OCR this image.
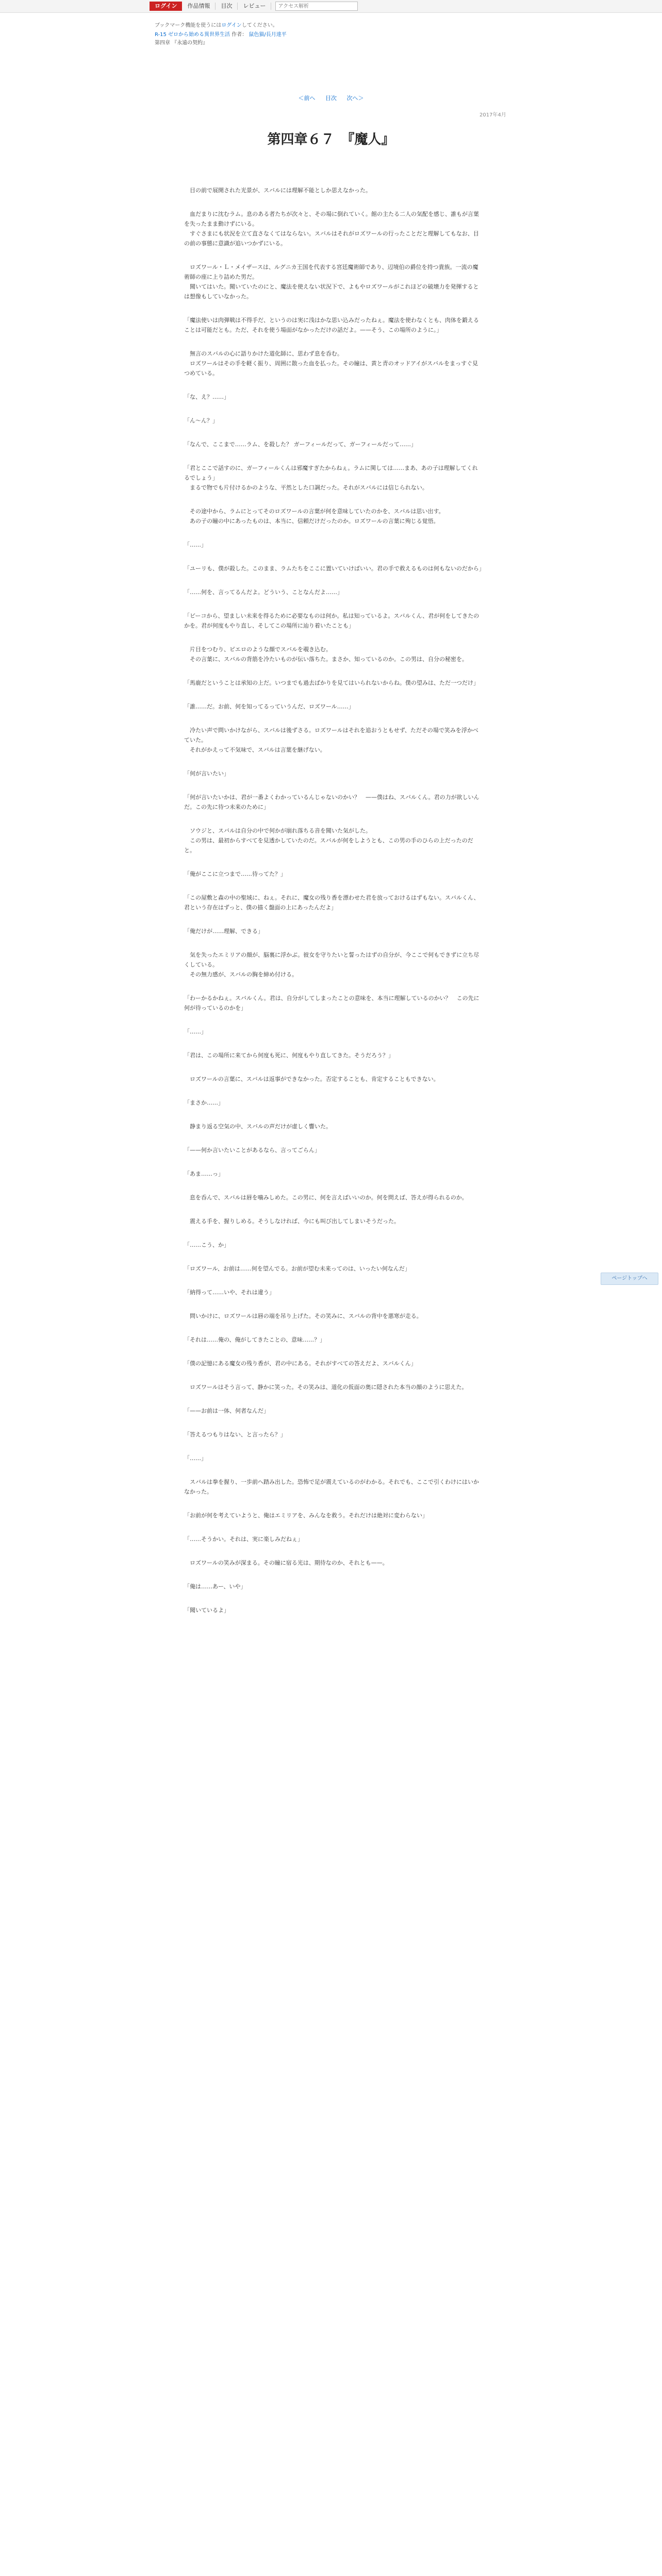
ログイン	作品情報	目次	レビュー
アクセス解析
ブックマーク機能を使うにはログインしてください。
R-15 ゼロから始める異世界生活 作者： 鼠色猫/長月達平
第四章 『永遠の契約』
＜前へ 目次 次へ＞
2017年4月
第四章６７　『魔人』

　目の前で展開された光景が、スバルには理解不能としか思えなかった。

　血だまりに沈むラム。息のある者たちが次々と、その場に倒れていく。館の主たる二人の気配を感じ、誰もが言葉を失ったまま動けずにいる。
　すぐさまにも状況を立て直さなくてはならない。スバルはそれがロズワールの行ったことだと理解してもなお、目の前の事態に意識が追いつかずにいる。

　ロズワール・Ｌ・メイザースは、ルグニカ王国を代表する宮廷魔術師であり、辺境伯の爵位を持つ貴族。一流の魔術師の座に上り詰めた男だ。
　聞いてはいた。聞いていたのにと、魔法を使えない状況下で、よもやロズワールがこれほどの破壊力を発揮するとは想像もしていなかった。

「魔法使いは肉弾戦は不得手だ、というのは実に浅はかな思い込みだったねぇ。魔法を使わなくとも、肉体を鍛えることは可能だとも。ただ、それを使う場面がなかっただけの話だよ。——そう、この場所のように。」

　無言のスバルの心に語りかけた道化師に、思わず息を呑む。
　ロズワールはその手を軽く振り、周囲に散った血を払った。その瞳は、黄と青のオッドアイがスバルをまっすぐ見つめている。

「な、え？……」

「ん～ん？」

「なんで、ここまで……ラム、を殺した？ ガーフィールだって、ガーフィールだって……」

「君とここで話すのに、ガーフィールくんは邪魔すぎたからねぇ。ラムに関しては……まあ、あの子は理解してくれるでしょう」
　まるで物でも片付けるかのような、平然とした口調だった。それがスバルには信じられない。

　その途中から、ラムにとってそのロズワールの言葉が何を意味していたのかを、スバルは思い出す。
　あの子の瞳の中にあったものは、本当に、信頼だけだったのか。ロズワールの言葉に殉じる覚悟。

「……」

「ユーリも、僕が殺した。このまま、ラムたちをここに置いていけばいい。君の手で救えるものは何もないのだから」

「……何を、言ってるんだよ。どういう、ことなんだよ……」

「ビーコから、望ましい未来を得るために必要なものは何か。私は知っているよ。スバルくん、君が何をしてきたのかを。君が何度もやり直し、そしてこの場所に辿り着いたことも」

　片目をつむり、ピエロのような顔でスバルを覗き込む。
　その言葉に、スバルの背筋を冷たいものが伝い落ちた。まさか、知っているのか。この男は、自分の秘密を。

「馬鹿だということは承知の上だ。いつまでも過去ばかりを見てはいられないからね。僕の望みは、ただ一つだけ」

「誰……だ。お前、何を知ってるっていうんだ、ロズワール……」

　冷たい声で問いかけながら、スバルは後ずさる。ロズワールはそれを追おうともせず、ただその場で笑みを浮かべていた。
　それがかえって不気味で、スバルは言葉を継げない。

「何が言いたい」

「何が言いたいかは、君が一番よくわかっているんじゃないのかい？　——僕はね、スバルくん。君の力が欲しいんだ。この先に待つ未来のために」

　ソウジと、スバルは自分の中で何かが崩れ落ちる音を聞いた気がした。
　この男は、最初からすべてを見透かしていたのだ。スバルが何をしようとも、この男の手のひらの上だったのだと。

「俺がここに立つまで……待ってた？」

「この屋敷と森の中の聖域に、ねぇ。それに、魔女の残り香を漂わせた君を放っておけるはずもない。スバルくん、君という存在はずっと、僕の描く盤面の上にあったんだよ」

「俺だけが……理解、できる」

　気を失ったエミリアの顔が、脳裏に浮かぶ。彼女を守りたいと誓ったはずの自分が、今ここで何もできずに立ち尽くしている。
　その無力感が、スバルの胸を締め付ける。

「わーかるかねぇ。スバルくん。君は、自分がしてしまったことの意味を、本当に理解しているのかい？　この先に何が待っているのかを」

「……」

「君は、この場所に来てから何度も死に、何度もやり直してきた。そうだろう？」

　ロズワールの言葉に、スバルは返事ができなかった。否定することも、肯定することもできない。

「まさか……」

　静まり返る空気の中、スバルの声だけが虚しく響いた。

「——何か言いたいことがあるなら、言ってごらん」

「あま……っ」

　息を呑んで、スバルは唇を噛みしめた。この男に、何を言えばいいのか。何を問えば、答えが得られるのか。

　震える手を、握りしめる。そうしなければ、今にも叫び出してしまいそうだった。

「……こう、か」

「ロズワール、お前は……何を望んでる。お前が望む未来ってのは、いったい何なんだ」

「納得って……いや、それは違う」

　問いかけに、ロズワールは唇の端を吊り上げた。その笑みに、スバルの背中を悪寒が走る。

「それは……俺の、俺がしてきたことの、意味……？」

「僕の記憶にある魔女の残り香が、君の中にある。それがすべての答えだよ、スバルくん」

　ロズワールはそう言って、静かに笑った。その笑みは、道化の仮面の奥に隠された本当の顔のように思えた。

「——お前は一体、何者なんだ」

「答えるつもりはない、と言ったら？」

「……」

　スバルは拳を握り、一歩前へ踏み出した。恐怖で足が震えているのがわかる。それでも、ここで引くわけにはいかなかった。

「お前が何を考えていようと、俺はエミリアを、みんなを救う。それだけは絶対に変わらない」

「……そうかい。それは、実に楽しみだねぇ」

　ロズワールの笑みが深まる。その瞳に宿る光は、期待なのか、それとも——。

「俺は……あー、いや」

「聞いているよ」

ページトップへ
